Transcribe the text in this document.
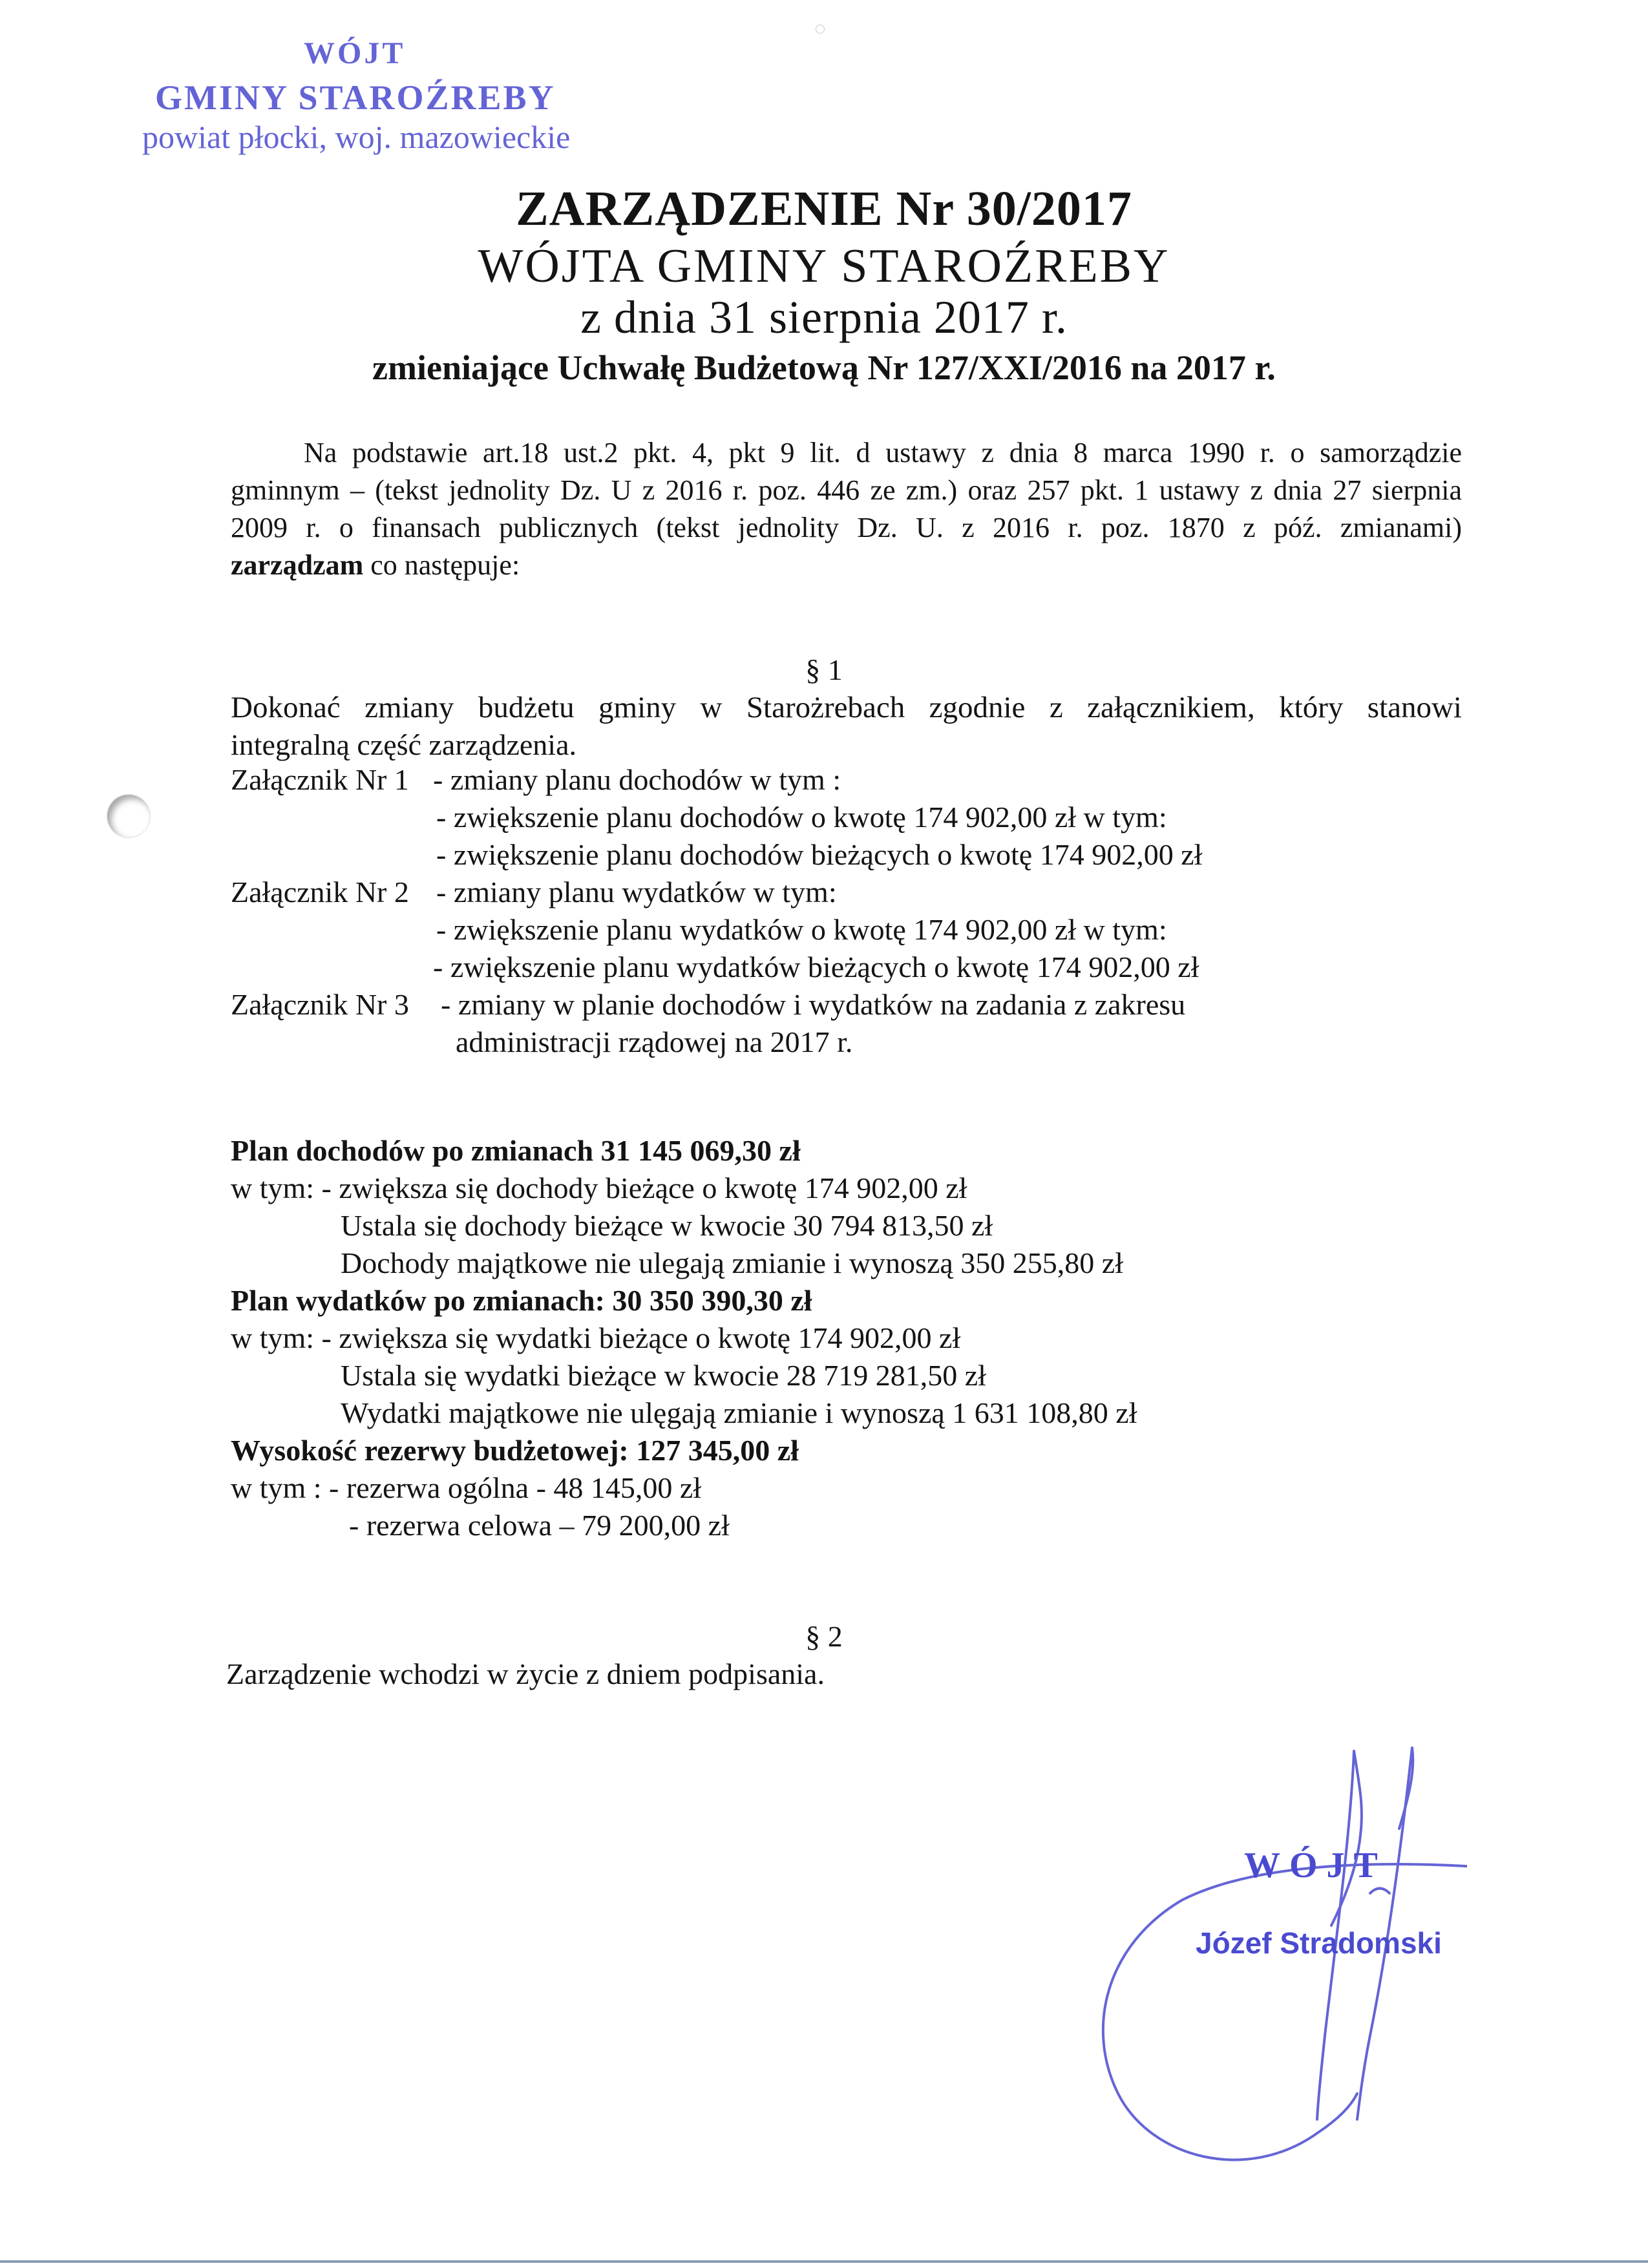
WÓJT
GMINY STAROŹREBY
powiat płocki, woj. mazowieckie
ZARZĄDZENIE Nr 30/2017
WÓJTA GMINY STAROŹREBY
z dnia 31 sierpnia 2017 r.
zmieniające Uchwałę Budżetową Nr 127/XXI/2016 na 2017 r.
Na podstawie art.18 ust.2 pkt. 4, pkt 9 lit. d ustawy z dnia 8 marca 1990 r. o samorządzie
gminnym – (tekst jednolity Dz. U z 2016 r. poz. 446 ze zm.) oraz 257 pkt. 1 ustawy z dnia 27 sierpnia
2009 r. o finansach publicznych (tekst jednolity Dz. U. z 2016 r. poz. 1870 z póź. zmianami)
zarządzam co następuje:
§ 1
Dokonać zmiany budżetu gminy w Starożrebach zgodnie z załącznikiem, który stanowi
integralną część zarządzenia.
Załącznik Nr 1 - zmiany planu dochodów w tym :
- zwiększenie planu dochodów o kwotę 174 902,00 zł w tym:
- zwiększenie planu dochodów bieżących o kwotę 174 902,00 zł
Załącznik Nr 2 - zmiany planu wydatków w tym:
- zwiększenie planu wydatków o kwotę 174 902,00 zł w tym:
- zwiększenie planu wydatków bieżących o kwotę 174 902,00 zł
Załącznik Nr 3 - zmiany w planie dochodów i wydatków na zadania z zakresu
administracji rządowej na 2017 r.
Plan dochodów po zmianach 31 145 069,30 zł
w tym: - zwiększa się dochody bieżące o kwotę 174 902,00 zł
Ustala się dochody bieżące w kwocie 30 794 813,50 zł
Dochody majątkowe nie ulegają zmianie i wynoszą 350 255,80 zł
Plan wydatków po zmianach: 30 350 390,30 zł
w tym: - zwiększa się wydatki bieżące o kwotę 174 902,00 zł
Ustala się wydatki bieżące w kwocie 28 719 281,50 zł
Wydatki majątkowe nie ulęgają zmianie i wynoszą 1 631 108,80 zł
Wysokość rezerwy budżetowej: 127 345,00 zł
w tym : - rezerwa ogólna - 48 145,00 zł
- rezerwa celowa – 79 200,00 zł
§ 2
Zarządzenie wchodzi w życie z dniem podpisania.
WÓJT
Józef Stradomski
